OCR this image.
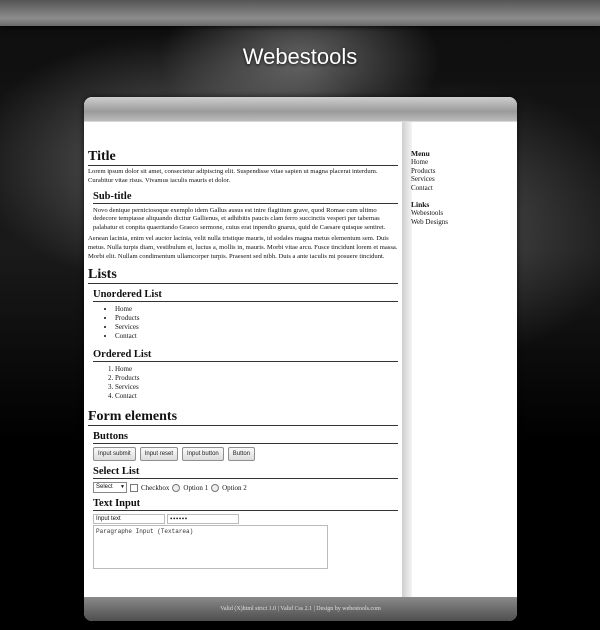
Webestools
Title

Lorem ipsum dolor sit amet, consectetur adipiscing elit. Suspendisse vitae sapien ut magna placerat interdum. Curabitur vitae risus. Vivamus iaculis mauris et dolor.

Sub-title

Novo denique perniciosoque exemplo idem Gallus ausus est inire flagitium grave, quod Romae cum ultimo dedecore temptasse aliquando dicitur Gallienus, et adhibitis paucis clam ferro succinctis vesperi per tabernas palabatur et conpita quaeritando Graeco sermone, cuius erat inpendio gnarus, quid de Caesare quisque sentiret.

Aenean lacinia, enim vel auctor lacinia, velit nulla tristique mauris, id sodales magna metus elementum sem. Duis metus. Nulla turpis diam, vestibulum et, luctus a, mollis in, mauris. Morbi vitae arcu. Fusce tincidunt lorem et massa. Morbi elit. Nullam condimentum ullamcorper turpis. Praesent sed nibh. Duis a ante iaculis mi posuere tincidunt.

Lists
Unordered List
• Home
• Products
• Services
• Contact
Ordered List
1. Home
2. Products
3. Services
4. Contact
Form elements
Buttons
Input submit	Input reset	Input button	Button
Select List
Select ▼ Checkbox Option 1 Option 2
Text Input
Input text	••••••
Paragraphe Input (Textarea)
Menu
Home
Products
Services
Contact
Links
Webestools
Web Designs
Valid (X)html strict 1.0 | Valid Css 2.1 | Design by webestools.com
